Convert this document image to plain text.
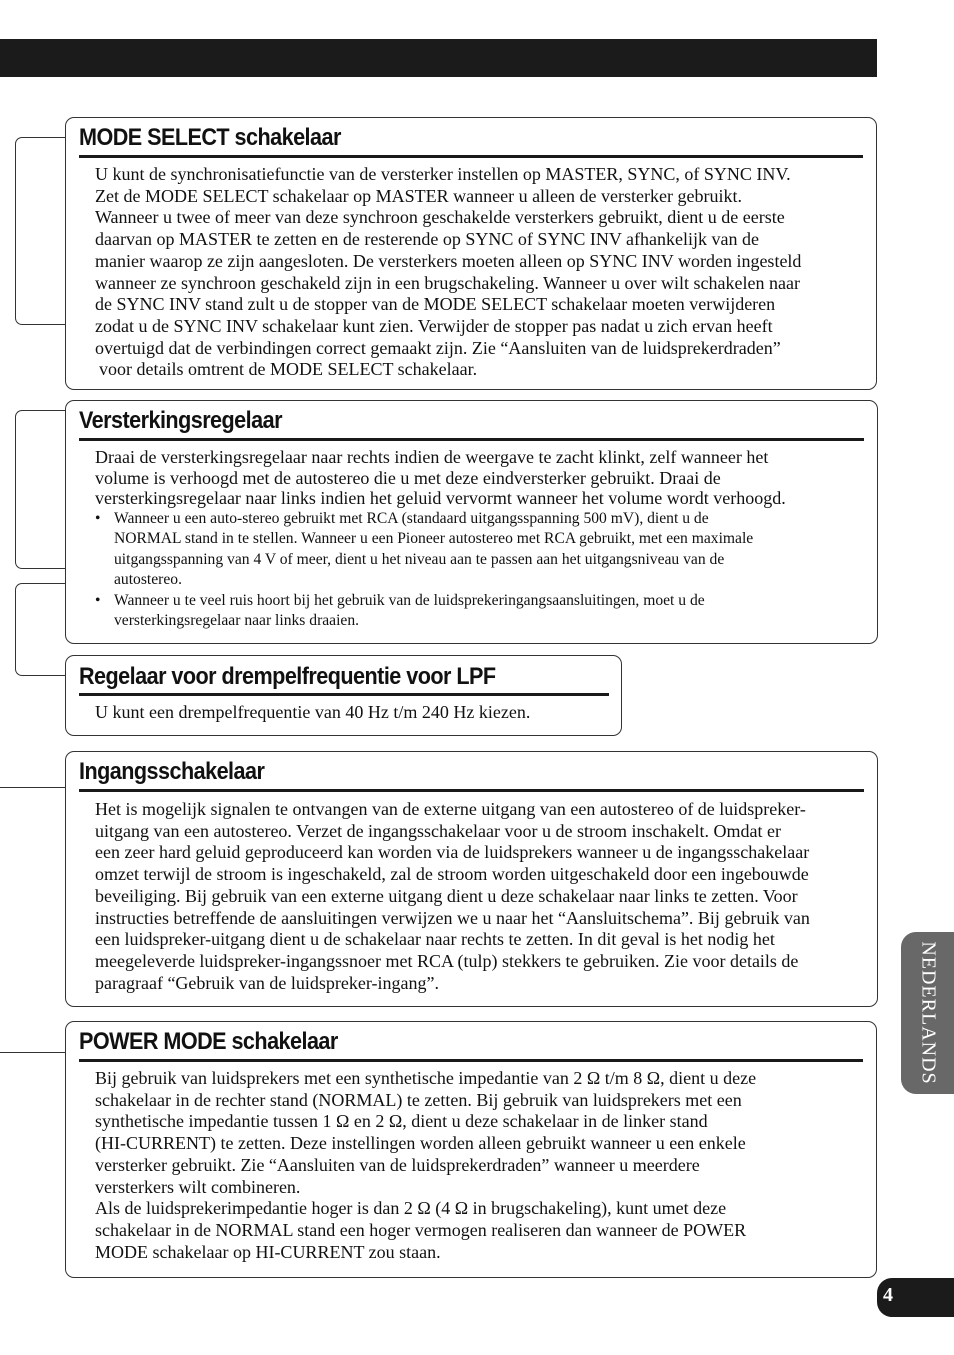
MODE SELECT schakelaar

U kunt de synchronisatiefunctie van de versterker instellen op MASTER, SYNC, of SYNC INV.

Zet de MODE SELECT schakelaar op MASTER wanneer u alleen de versterker gebruikt.

Wanneer u twee of meer van deze synchroon geschakelde versterkers gebruikt, dient u de eerste

daarvan op MASTER te zetten en de resterende op SYNC of SYNC INV afhankelijk van de

manier waarop ze zijn aangesloten. De versterkers moeten alleen op SYNC INV worden ingesteld

wanneer ze synchroon geschakeld zijn in een brugschakeling. Wanneer u over wilt schakelen naar

de SYNC INV stand zult u de stopper van de MODE SELECT schakelaar moeten verwijderen

zodat u de SYNC INV schakelaar kunt zien. Verwijder de stopper pas nadat u zich ervan heeft

overtuigd dat de verbindingen correct gemaakt zijn. Zie “Aansluiten van de luidsprekerdraden”

voor details omtrent de MODE SELECT schakelaar.

Versterkingsregelaar

Draai de versterkingsregelaar naar rechts indien de weergave te zacht klinkt, zelf wanneer het

volume is verhoogd met de autostereo die u met deze eindversterker gebruikt. Draai de

versterkingsregelaar naar links indien het geluid vervormt wanneer het volume wordt verhoogd.

• Wanneer u een auto-stereo gebruikt met RCA (standaard uitgangsspanning 500 mV), dient u de
NORMAL stand in te stellen. Wanneer u een Pioneer autostereo met RCA gebruikt, met een maximale
uitgangsspanning van 4 V of meer, dient u het niveau aan te passen aan het uitgangsniveau van de
autostereo.
• Wanneer u te veel ruis hoort bij het gebruik van de luidsprekeringangsaansluitingen, moet u de
versterkingsregelaar naar links draaien.
Regelaar voor drempelfrequentie voor LPF

U kunt een drempelfrequentie van 40 Hz t/m 240 Hz kiezen.

Ingangsschakelaar

Het is mogelijk signalen te ontvangen van de externe uitgang van een autostereo of de luidspreker-

uitgang van een autostereo. Verzet de ingangsschakelaar voor u de stroom inschakelt. Omdat er

een zeer hard geluid geproduceerd kan worden via de luidsprekers wanneer u de ingangsschakelaar

omzet terwijl de stroom is ingeschakeld, zal de stroom worden uitgeschakeld door een ingebouwde

beveiliging. Bij gebruik van een externe uitgang dient u deze schakelaar naar links te zetten. Voor

instructies betreffende de aansluitingen verwijzen we u naar het “Aansluitschema”. Bij gebruik van

een luidspreker-uitgang dient u de schakelaar naar rechts te zetten. In dit geval is het nodig het

meegeleverde luidspreker-ingangssnoer met RCA (tulp) stekkers te gebruiken. Zie voor details de

paragraaf “Gebruik van de luidspreker-ingang”.

POWER MODE schakelaar

Bij gebruik van luidsprekers met een synthetische impedantie van 2 Ω t/m 8 Ω, dient u deze

schakelaar in de rechter stand (NORMAL) te zetten. Bij gebruik van luidsprekers met een

synthetische impedantie tussen 1 Ω en 2 Ω, dient u deze schakelaar in de linker stand

(HI-CURRENT) te zetten. Deze instellingen worden alleen gebruikt wanneer u een enkele

versterker gebruikt. Zie “Aansluiten van de luidsprekerdraden” wanneer u meerdere

versterkers wilt combineren.

Als de luidsprekerimpedantie hoger is dan 2 Ω (4 Ω in brugschakeling), kunt umet deze

schakelaar in de NORMAL stand een hoger vermogen realiseren dan wanneer de POWER

MODE schakelaar op HI-CURRENT zou staan.

NEDERLANDS
4
